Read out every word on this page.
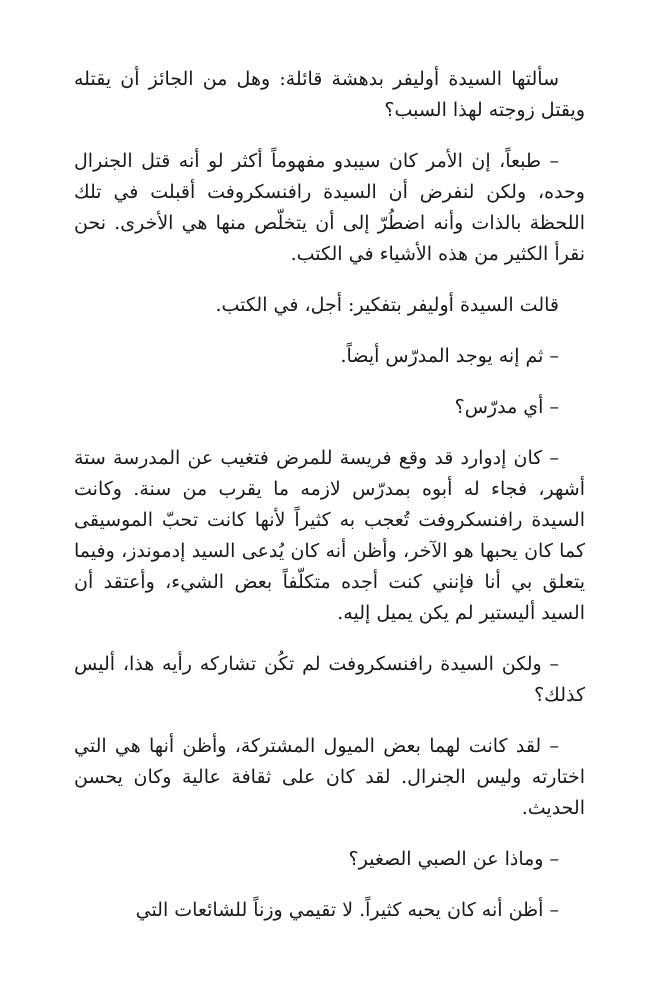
سألتها السيدة أوليفر بدهشة قائلة: وهل من الجائز أن يقتله ويقتل زوجته لهذا السبب؟

– طبعاً، إن الأمر كان سيبدو مفهوماً أكثر لو أنه قتل الجنرال وحده، ولكن لنفرض أن السيدة رافنسكروفت أقبلت في تلك اللحظة بالذات وأنه اضطُرّ إلى أن يتخلّص منها هي الأخرى. نحن نقرأ الكثير من هذه الأشياء في الكتب.

قالت السيدة أوليفر بتفكير: أجل، في الكتب.

– ثم إنه يوجد المدرّس أيضاً.

– أي مدرّس؟

– كان إدوارد قد وقع فريسة للمرض فتغيب عن المدرسة ستة أشهر، فجاء له أبوه بمدرّس لازمه ما يقرب من سنة. وكانت السيدة رافنسكروفت تُعجب به كثيراً لأنها كانت تحبّ الموسيقى كما كان يحبها هو الآخر، وأظن أنه كان يُدعى السيد إدموندز، وفيما يتعلق بي أنا فإنني كنت أجده متكلّفاً بعض الشيء، وأعتقد أن السيد أليستير لم يكن يميل إليه.

– ولكن السيدة رافنسكروفت لم تكُن تشاركه رأيه هذا، أليس كذلك؟

– لقد كانت لهما بعض الميول المشتركة، وأظن أنها هي التي اختارته وليس الجنرال. لقد كان على ثقافة عالية وكان يحسن الحديث.

– وماذا عن الصبي الصغير؟

– أظن أنه كان يحبه كثيراً. لا تقيمي وزناً للشائعات التي
